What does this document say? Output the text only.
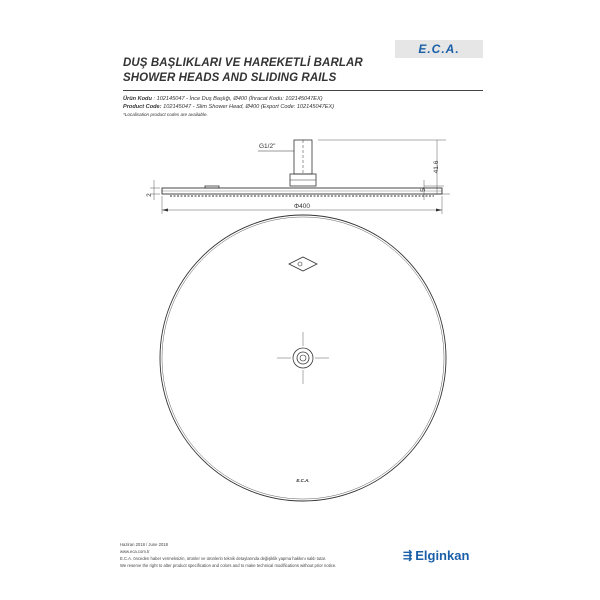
DUŞ BAŞLIKLARI VE HAREKETLİ BARLAR
SHOWER HEADS AND SLIDING RAILS
E.C.A.
Ürün Kodu : 102145047 - İnce Duş Başlığı, Ø400 (İhracat Kodu: 102145047EX)
Product Code: 102145047 - Slim Shower Head, Ø400 (Export Code: 102145047EX)
*Localisation product codes are available.
G1/2"
2
5
41.6
Φ400
E.C.A.
Haziran 2018 / June 2018
www.eca.com.tr
E.C.A. önceden haber vermeksizin, ürünler ve ürünlerin teknik detaylarında değişiklik yapma hakkını saklı tutar.
We reserve the right to alter product specification and colors and to make technical modifications without prior notice.
⇶ Elginkan
